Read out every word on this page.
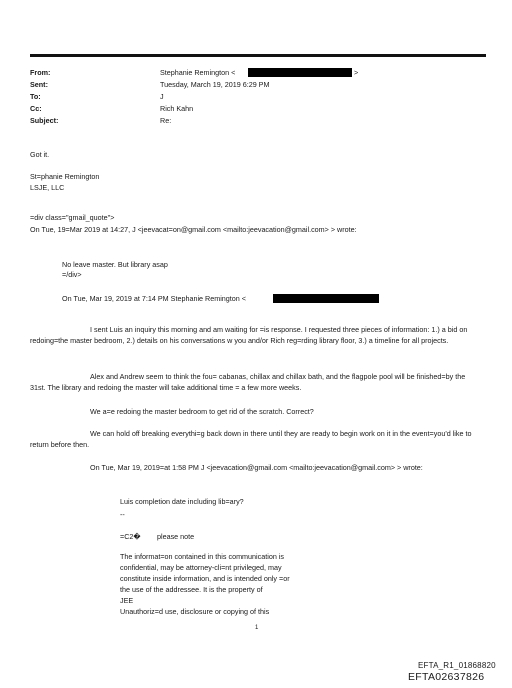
From:	Stephanie Remington <	>
Sent:	Tuesday, March 19, 2019 6:29 PM
To:	J
Cc:	Rich Kahn
Subject:	Re:
Got it.
St=phanie Remington
LSJE, LLC
=div class="gmail_quote">
On Tue, 19=Mar 2019 at 14:27, J <jeevacat=on@gmail.com <mailto:jeevacation@gmail.com> > wrote:
No leave master. But library asap
=/div>
On Tue, Mar 19, 2019 at 7:14 PM Stephanie Remington <
I sent Luis an inquiry this morning and am waiting for =is response. I requested three pieces of information: 1.) a bid on redoing=the master bedroom, 2.) details on his conversations w you and/or Rich reg=rding library floor, 3.) a timeline for all projects.
Alex and Andrew seem to think the fou= cabanas, chillax and chillax bath, and the flagpole pool will be finished=by the 31st. The library and redoing the master will take additional time = a few more weeks.
We a=e redoing the master bedroom to get rid of the scratch. Correct?
We can hold off breaking everythi=g back down in there until they are ready to begin work on it in the event=you'd like to return before then.
On Tue, Mar 19, 2019=at 1:58 PM J <jeevacation@gmail.com <mailto:jeevacation@gmail.com> > wrote:
Luis completion date including lib=ary?
--
=C2� please note
The informat=on contained in this communication is
confidential, may be attorney-cli=nt privileged, may
constitute inside information, and is intended only =or
the use of the addressee. It is the property of
JEE
Unauthoriz=d use, disclosure or copying of this
1
EFTA_R1_01868820
EFTA02637826
